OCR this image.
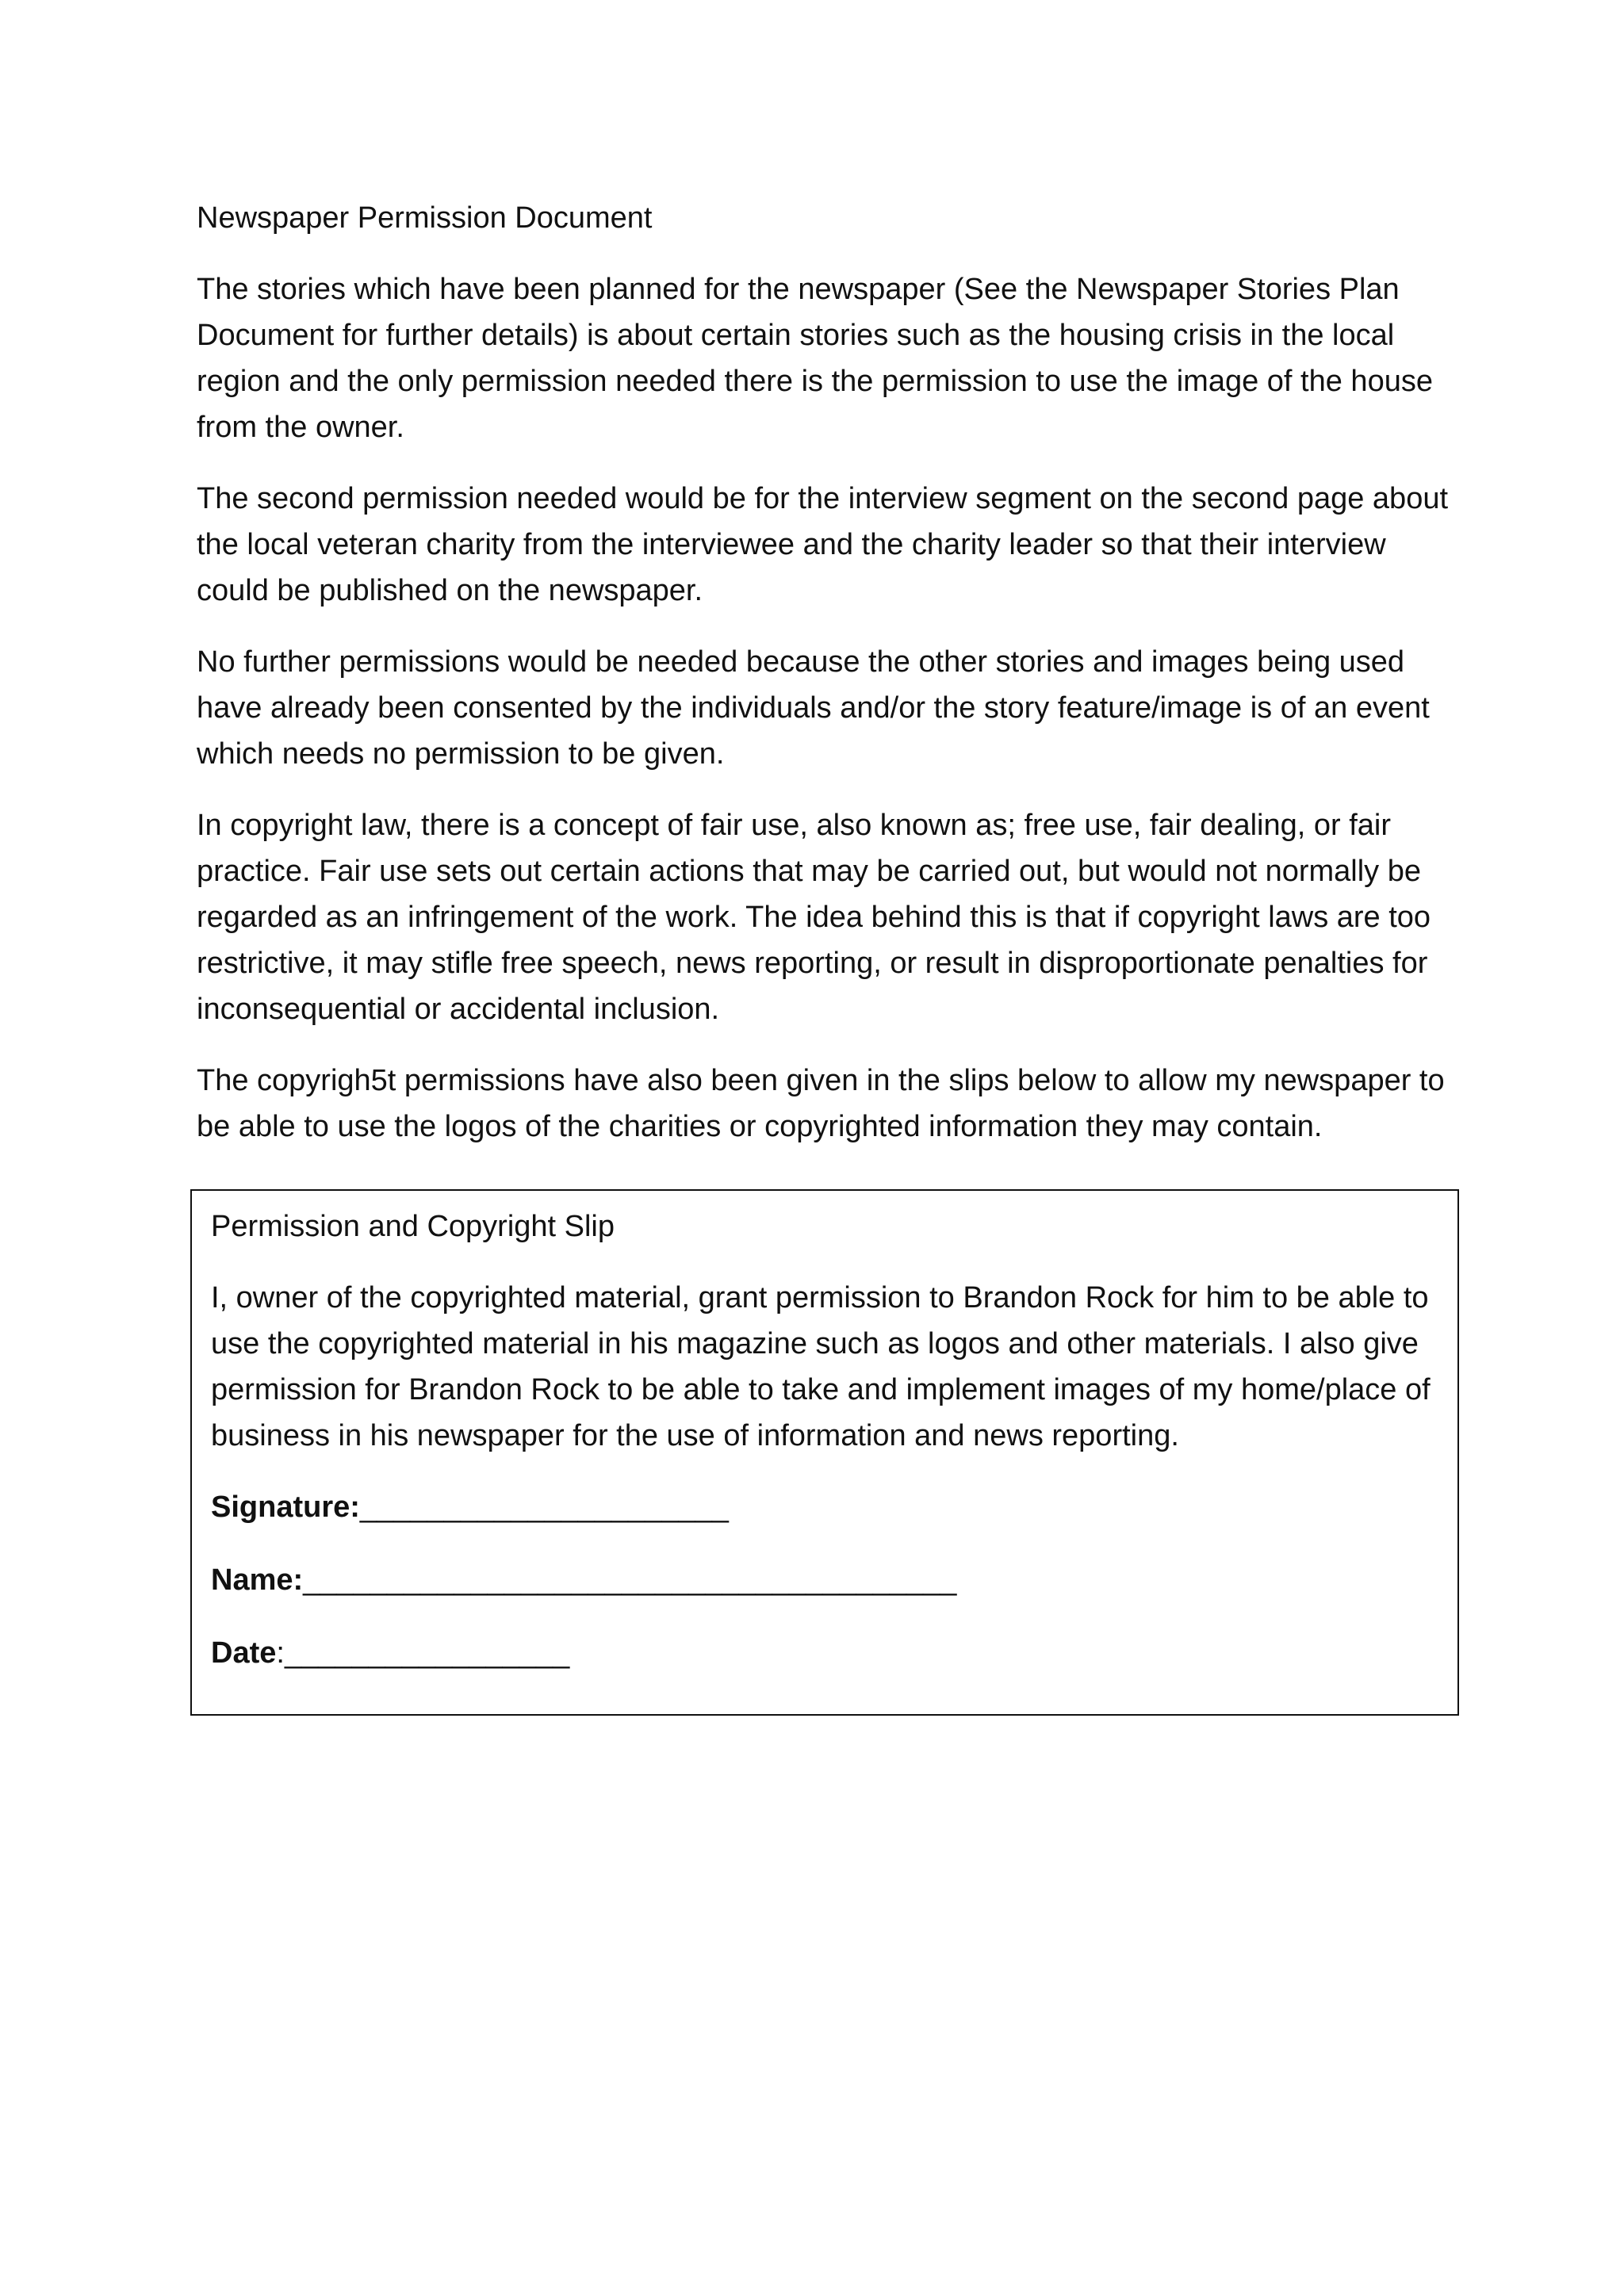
Newspaper Permission Document

The stories which have been planned for the newspaper (See the Newspaper Stories Plan Document for further details) is about certain stories such as the housing crisis in the local region and the only permission needed there is the permission to use the image of the house from the owner.

The second permission needed would be for the interview segment on the second page about the local veteran charity from the interviewee and the charity leader so that their interview could be published on the newspaper.

No further permissions would be needed because the other stories and images being used have already been consented by the individuals and/or the story feature/image is of an event which needs no permission to be given.

In copyright law, there is a concept of fair use, also known as; free use, fair dealing, or fair practice. Fair use sets out certain actions that may be carried out, but would not normally be regarded as an infringement of the work. The idea behind this is that if copyright laws are too restrictive, it may stifle free speech, news reporting, or result in disproportionate penalties for inconsequential or accidental inclusion.

The copyrigh5t permissions have also been given in the slips below to allow my newspaper to be able to use the logos of the charities or copyrighted information they may contain.

Permission and Copyright Slip

I, owner of the copyrighted material, grant permission to Brandon Rock for him to be able to use the copyrighted material in his magazine such as logos and other materials. I also give permission for Brandon Rock to be able to take and implement images of my home/place of business in his newspaper for the use of information and news reporting.

Signature:______________________
Name:_______________________________________
Date:_________________
